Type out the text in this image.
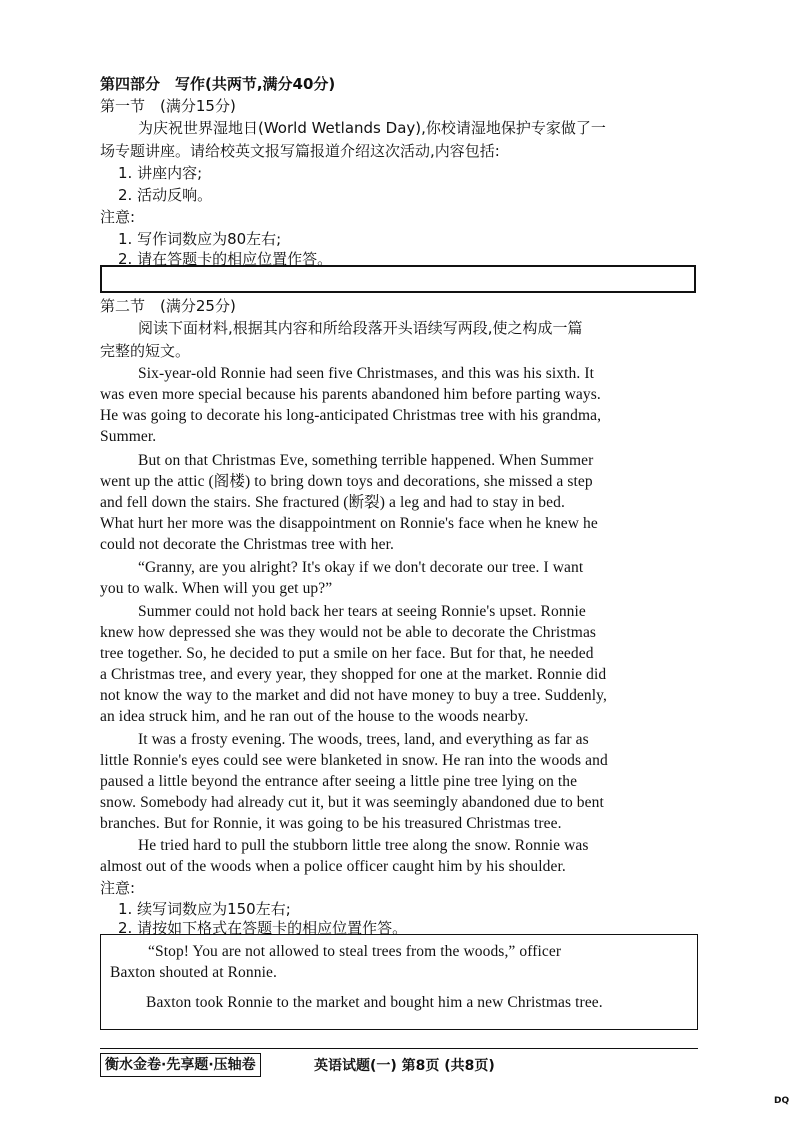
第四部分　写作(共两节,满分40分)
第一节　(满分15分)
为庆祝世界湿地日(World Wetlands Day),你校请湿地保护专家做了一
场专题讲座。请给校英文报写篇报道介绍这次活动,内容包括:
1. 讲座内容;
2. 活动反响。
注意:
1. 写作词数应为80左右;
2. 请在答题卡的相应位置作答。
第二节　(满分25分)
阅读下面材料,根据其内容和所给段落开头语续写两段,使之构成一篇
完整的短文。
Six-year-old Ronnie had seen five Christmases, and this was his sixth. It
was even more special because his parents abandoned him before parting ways.
He was going to decorate his long-anticipated Christmas tree with his grandma,
Summer.
But on that Christmas Eve, something terrible happened. When Summer
went up the attic (阁楼) to bring down toys and decorations, she missed a step
and fell down the stairs. She fractured (断裂) a leg and had to stay in bed.
What hurt her more was the disappointment on Ronnie's face when he knew he
could not decorate the Christmas tree with her.
“Granny, are you alright? It's okay if we don't decorate our tree. I want
you to walk. When will you get up?”
Summer could not hold back her tears at seeing Ronnie's upset. Ronnie
knew how depressed she was they would not be able to decorate the Christmas
tree together. So, he decided to put a smile on her face. But for that, he needed
a Christmas tree, and every year, they shopped for one at the market. Ronnie did
not know the way to the market and did not have money to buy a tree. Suddenly,
an idea struck him, and he ran out of the house to the woods nearby.
It was a frosty evening. The woods, trees, land, and everything as far as
little Ronnie's eyes could see were blanketed in snow. He ran into the woods and
paused a little beyond the entrance after seeing a little pine tree lying on the
snow. Somebody had already cut it, but it was seemingly abandoned due to bent
branches. But for Ronnie, it was going to be his treasured Christmas tree.
He tried hard to pull the stubborn little tree along the snow. Ronnie was
almost out of the woods when a police officer caught him by his shoulder.
注意:
1. 续写词数应为150左右;
2. 请按如下格式在答题卡的相应位置作答。
“Stop! You are not allowed to steal trees from the woods,” officer
Baxton shouted at Ronnie.
Baxton took Ronnie to the market and bought him a new Christmas tree.
衡水金卷·先享题·压轴卷	英语试题(一) 第8页 (共8页)
DQ
